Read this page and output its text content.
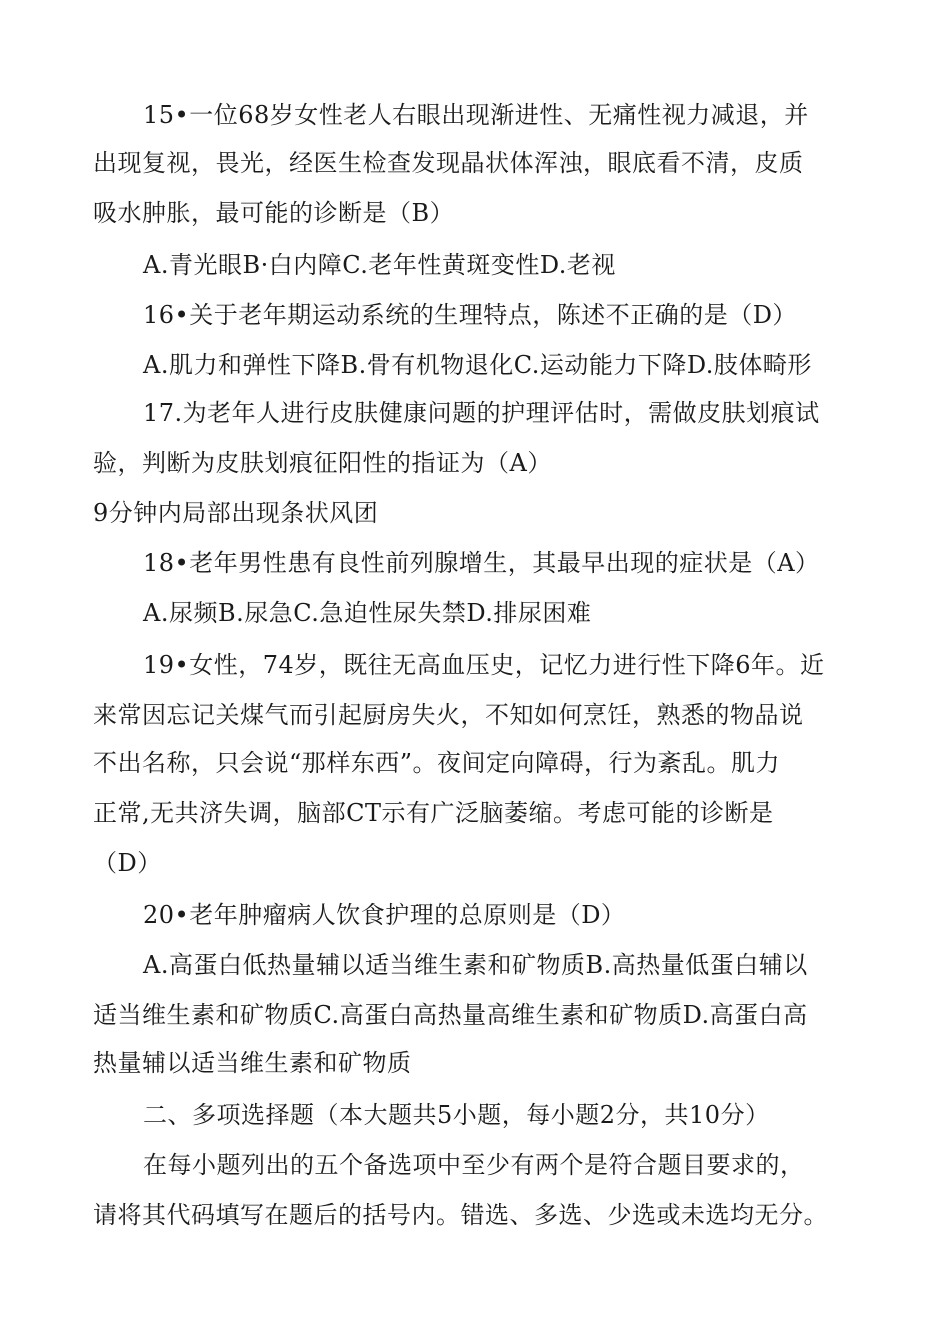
15•一位68岁女性老人右眼出现渐进性、无痛性视力减退，并
出现复视，畏光，经医生检查发现晶状体浑浊，眼底看不清，皮质
吸水肿胀，最可能的诊断是（B）
A.青光眼B·白内障C.老年性黄斑变性D.老视
16•关于老年期运动系统的生理特点，陈述不正确的是（D）
A.肌力和弹性下降B.骨有机物退化C.运动能力下降D.肢体畸形
17.为老年人进行皮肤健康问题的护理评估时，需做皮肤划痕试
验，判断为皮肤划痕征阳性的指证为（A）
9分钟内局部出现条状风团
18•老年男性患有良性前列腺增生，其最早出现的症状是（A）
A.尿频B.尿急C.急迫性尿失禁D.排尿困难
19•女性，74岁，既往无高血压史，记忆力进行性下降6年。近
来常因忘记关煤气而引起厨房失火，不知如何烹饪，熟悉的物品说
不出名称，只会说“那样东西”。夜间定向障碍，行为紊乱。肌力
正常,无共济失调，脑部CT示有广泛脑萎缩。考虑可能的诊断是
（D）
20•老年肿瘤病人饮食护理的总原则是（D）
A.高蛋白低热量辅以适当维生素和矿物质B.高热量低蛋白辅以
适当维生素和矿物质C.高蛋白高热量高维生素和矿物质D.高蛋白高
热量辅以适当维生素和矿物质
二、多项选择题（本大题共5小题，每小题2分，共10分）
在每小题列出的五个备选项中至少有两个是符合题目要求的，
请将其代码填写在题后的括号内。错选、多选、少选或未选均无分。
